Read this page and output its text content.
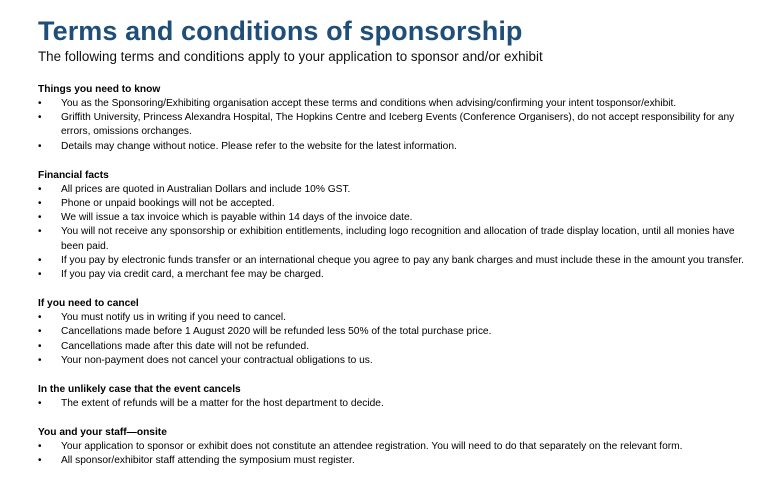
Terms and conditions of sponsorship

The following terms and conditions apply to your application to sponsor and/or exhibit

Things you need to know

• You as the Sponsoring/Exhibiting organisation accept these terms and conditions when advising/confirming your intent tosponsor/exhibit.
• Griffith University, Princess Alexandra Hospital, The Hopkins Centre and Iceberg Events (Conference Organisers), do not accept responsibility for any errors, omissions orchanges.
• Details may change without notice. Please refer to the website for the latest information.

Financial facts

• All prices are quoted in Australian Dollars and include 10% GST.
• Phone or unpaid bookings will not be accepted.
• We will issue a tax invoice which is payable within 14 days of the invoice date.
• You will not receive any sponsorship or exhibition entitlements, including logo recognition and allocation of trade display location, until all monies have been paid.
• If you pay by electronic funds transfer or an international cheque you agree to pay any bank charges and must include these in the amount you transfer.
• If you pay via credit card, a merchant fee may be charged.

If you need to cancel

• You must notify us in writing if you need to cancel.
• Cancellations made before 1 August 2020 will be refunded less 50% of the total purchase price.
• Cancellations made after this date will not be refunded.
• Your non-payment does not cancel your contractual obligations to us.

In the unlikely case that the event cancels

• The extent of refunds will be a matter for the host department to decide.

You and your staff—onsite

• Your application to sponsor or exhibit does not constitute an attendee registration. You will need to do that separately on the relevant form.
• All sponsor/exhibitor staff attending the symposium must register.
